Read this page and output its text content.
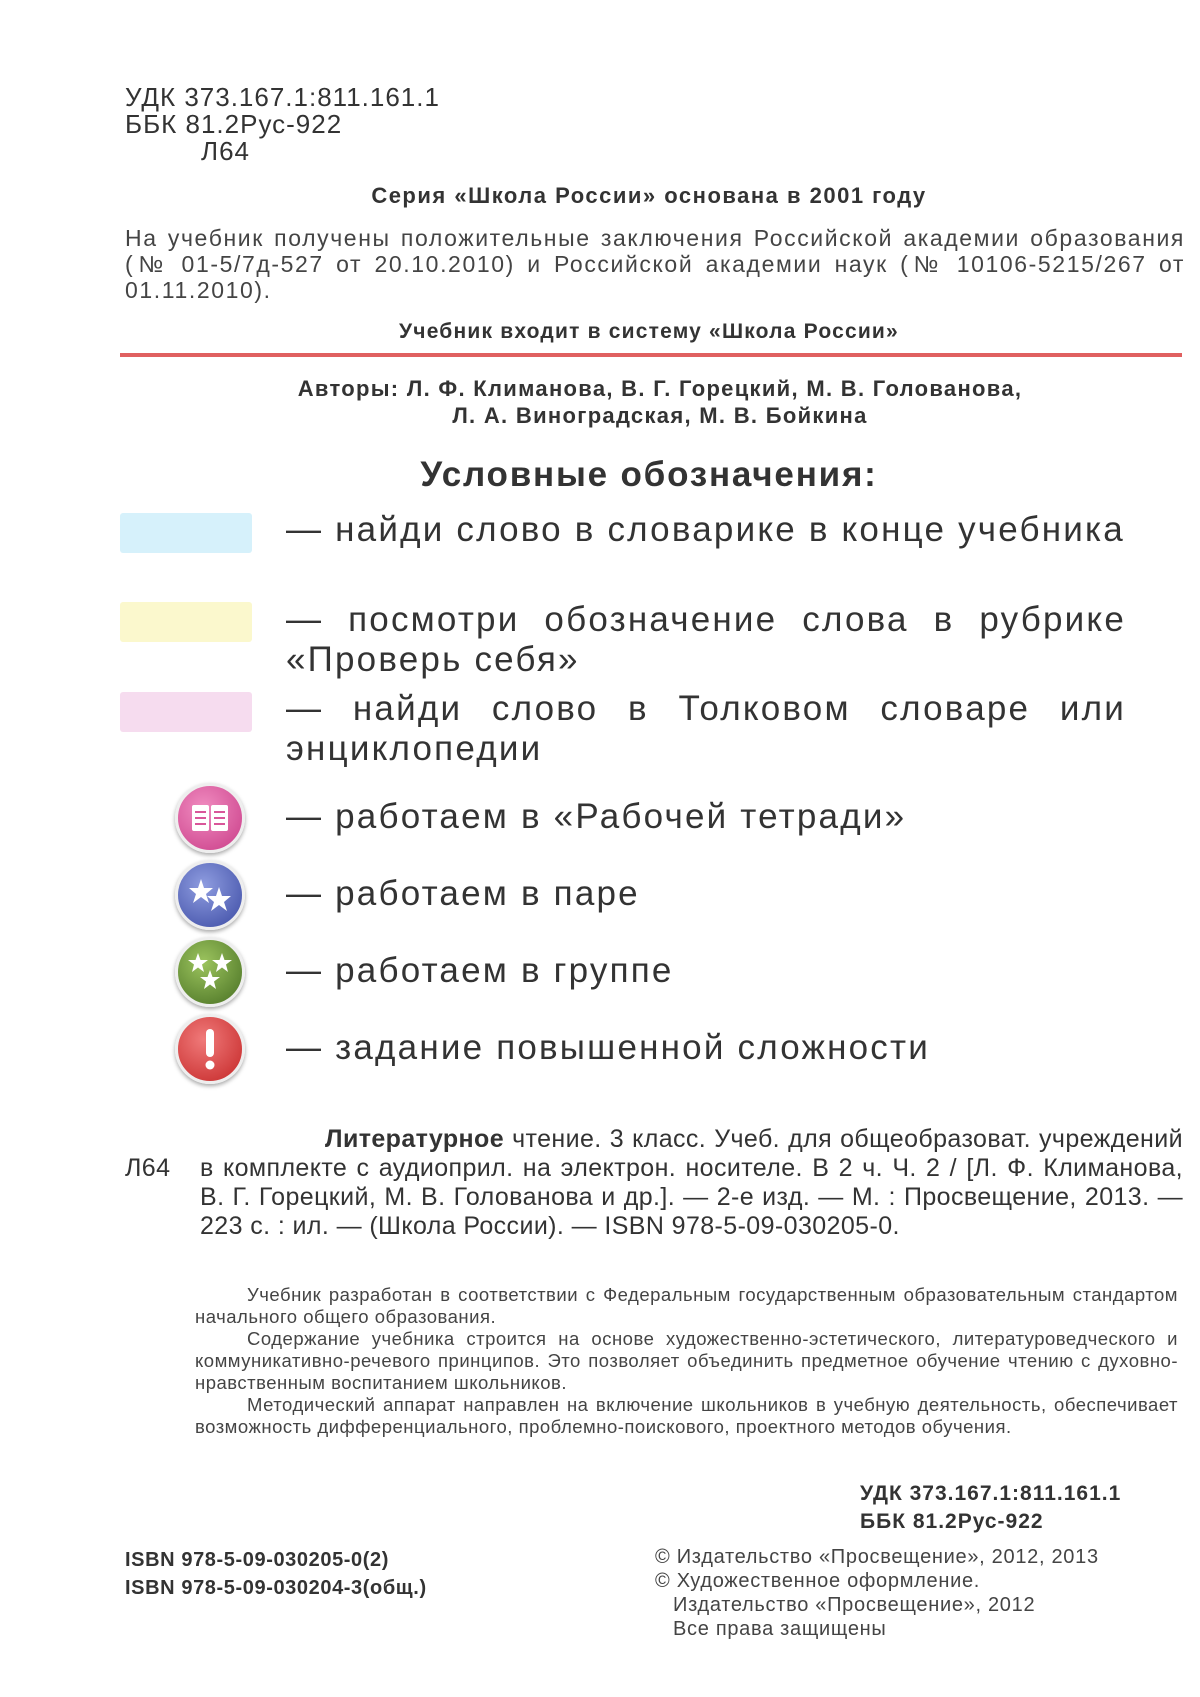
УДК 373.167.1:811.161.1
ББК 81.2Рус-922
Л64
Серия «Школа России» основана в 2001 году
На учебник получены положительные заключения Российской академии образования (№ 01-5/7д-527 от 20.10.2010) и Российской академии наук (№ 10106-5215/267 от 01.11.2010).
Учебник входит в систему «Школа России»
Авторы: Л. Ф. Климанова, В. Г. Горецкий, М. В. Голованова,
Л. А. Виноградская, М. В. Бойкина
Условные обозначения:
— найди слово в словарике в конце учебника
— посмотри обозначение слова в рубрике «Проверь себя»
— найди слово в Толковом словаре или энциклопедии
— работаем в «Рабочей тетради»
— работаем в паре
— работаем в группе
— задание повышенной сложности
Л64
Литературное чтение. 3 класс. Учеб. для общеобразоват. учреждений в комплекте с аудиоприл. на электрон. носителе. В 2 ч. Ч. 2 / [Л. Ф. Климанова, В. Г. Горецкий, М. В. Голованова и др.]. — 2-е изд. — М. : Просвещение, 2013. — 223 с. : ил. — (Школа России). — ISBN 978-5-09-030205-0.

Учебник разработан в соответствии с Федеральным государственным образовательным стандартом начального общего образования.

Содержание учебника строится на основе художественно-эстетического, литературоведческого и коммуникативно-речевого принципов. Это позволяет объединить предметное обучение чтению с духовно-нравственным воспитанием школьников.

Методический аппарат направлен на включение школьников в учебную деятельность, обеспечивает возможность дифференциального, проблемно-поискового, проектного методов обучения.

УДК 373.167.1:811.161.1
ББК 81.2Рус-922
ISBN 978-5-09-030205-0(2)
ISBN 978-5-09-030204-3(общ.)
© Издательство «Просвещение», 2012, 2013
© Художественное оформление.
Издательство «Просвещение», 2012
Все права защищены
